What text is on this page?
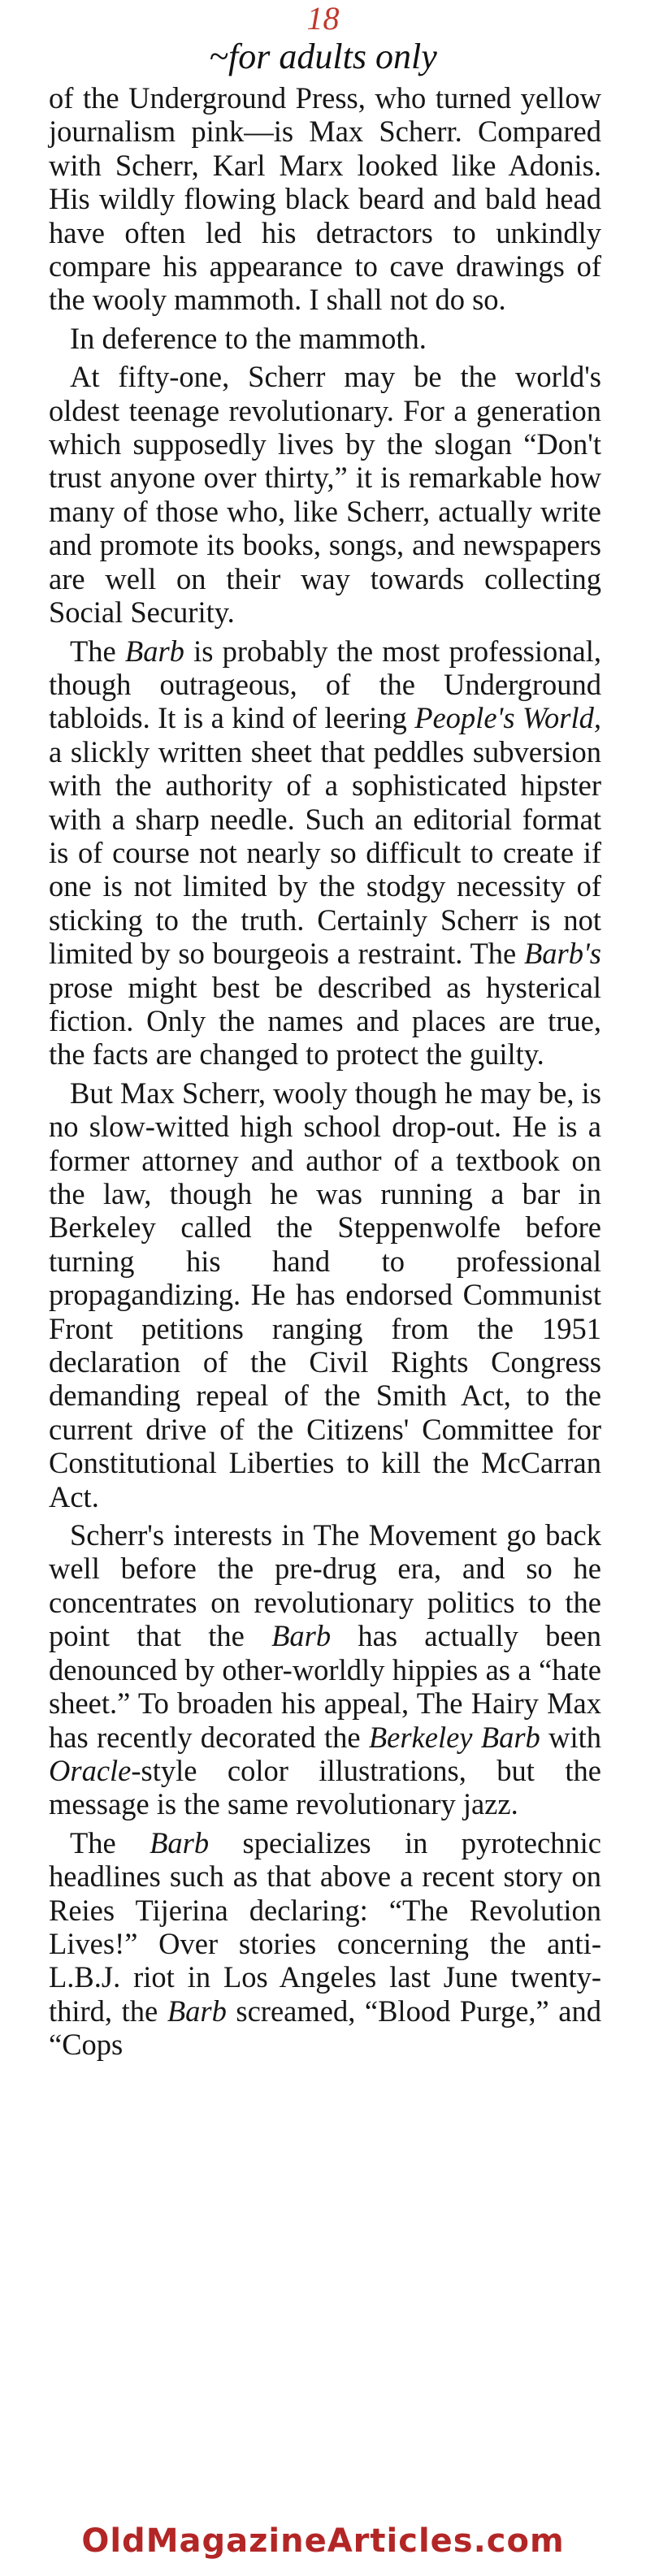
18
~for adults only

of the Underground Press, who turned yellow journalism pink—is Max Scherr. Compared with Scherr, Karl Marx looked like Adonis. His wildly flowing black beard and bald head have often led his detractors to unkindly compare his appearance to cave drawings of the wooly mammoth. I shall not do so.

In deference to the mammoth.

At fifty-one, Scherr may be the world's oldest teenage revolutionary. For a generation which supposedly lives by the slogan “Don't trust anyone over thirty,” it is remarkable how many of those who, like Scherr, actually write and promote its books, songs, and newspapers are well on their way towards collecting Social Security.

The Barb is probably the most professional, though outrageous, of the Underground tabloids. It is a kind of leering People's World, a slickly written sheet that peddles subversion with the authority of a sophisticated hipster with a sharp needle. Such an editorial format is of course not nearly so difficult to create if one is not limited by the stodgy necessity of sticking to the truth. Certainly Scherr is not limited by so bourgeois a restraint. The Barb's prose might best be described as hysterical fiction. Only the names and places are true, the facts are changed to protect the guilty.

But Max Scherr, wooly though he may be, is no slow-witted high school drop-out. He is a former attorney and author of a textbook on the law, though he was running a bar in Berkeley called the Steppenwolfe before turning his hand to professional propagandizing. He has endorsed Communist Front petitions ranging from the 1951 declaration of the Civil Rights Congress demanding repeal of the Smith Act, to the current drive of the Citizens' Committee for Constitutional Liberties to kill the McCarran Act.

Scherr's interests in The Movement go back well before the pre-drug era, and so he concentrates on revolutionary politics to the point that the Barb has actually been denounced by other-worldly hippies as a “hate sheet.” To broaden his appeal, The Hairy Max has recently decorated the Berkeley Barb with Oracle-style color illustrations, but the message is the same revolutionary jazz.

The Barb specializes in pyrotechnic headlines such as that above a recent story on Reies Tijerina declaring: “The Revolution Lives!” Over stories concerning the anti-L.B.J. riot in Los Angeles last June twenty-third, the Barb screamed, “Blood Purge,” and “Cops

OldMagazineArticles.com
